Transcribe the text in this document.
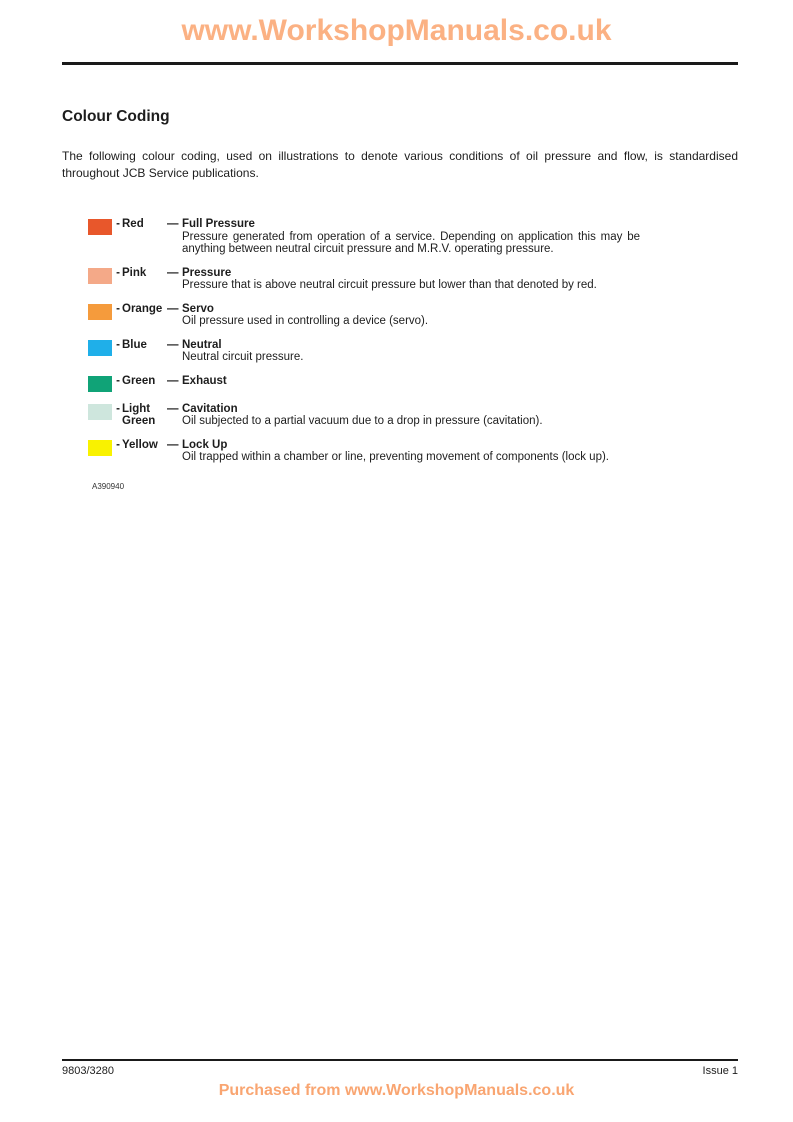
www.WorkshopManuals.co.uk
Colour Coding

The following colour coding, used on illustrations to denote various conditions of oil pressure and flow, is standardised throughout JCB Service publications.

- Red	— Full Pressure
Pressure generated from operation of a service. Depending on application this may be anything between neutral circuit pressure and M.R.V. operating pressure.
- Pink	— Pressure
Pressure that is above neutral circuit pressure but lower than that denoted by red.
- Orange — Servo
Oil pressure used in controlling a device (servo).
- Blue	— Neutral
Neutral circuit pressure.
- Green	— Exhaust
- Light Green
— Cavitation
Oil subjected to a partial vacuum due to a drop in pressure (cavitation).
- Yellow — Lock Up
Oil trapped within a chamber or line, preventing movement of components (lock up).
A390940
9803/3280	Issue 1
Purchased from www.WorkshopManuals.co.uk
